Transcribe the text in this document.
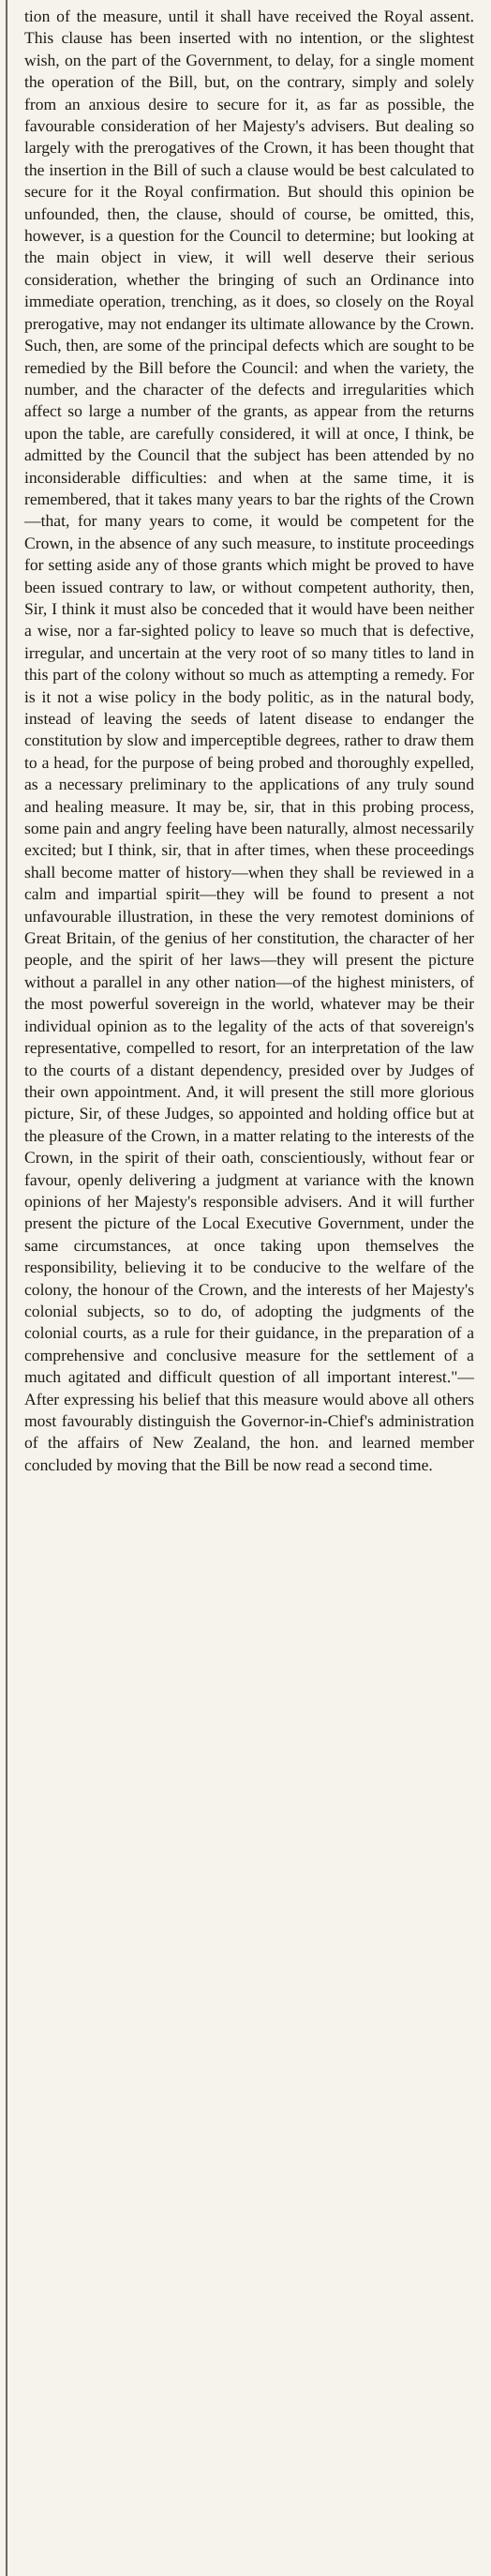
tion of the measure, until it shall have received the Royal assent. This clause has been inserted with no intention, or the slightest wish, on the part of the Government, to delay, for a single moment the operation of the Bill, but, on the contrary, simply and solely from an anxious desire to secure for it, as far as possible, the favourable consideration of her Majesty's advisers. But dealing so largely with the prerogatives of the Crown, it has been thought that the insertion in the Bill of such a clause would be best calculated to secure for it the Royal confirmation. But should this opinion be unfounded, then, the clause, should of course, be omitted, this, however, is a question for the Council to determine; but looking at the main object in view, it will well deserve their serious consideration, whether the bringing of such an Ordinance into immediate operation, trenching, as it does, so closely on the Royal prerogative, may not endanger its ultimate allowance by the Crown. Such, then, are some of the principal defects which are sought to be remedied by the Bill before the Council: and when the variety, the number, and the character of the defects and irregularities which affect so large a number of the grants, as appear from the returns upon the table, are carefully considered, it will at once, I think, be admitted by the Council that the subject has been attended by no inconsiderable difficulties: and when at the same time, it is remembered, that it takes many years to bar the rights of the Crown—that, for many years to come, it would be competent for the Crown, in the absence of any such measure, to institute proceedings for setting aside any of those grants which might be proved to have been issued contrary to law, or without competent authority, then, Sir, I think it must also be conceded that it would have been neither a wise, nor a far-sighted policy to leave so much that is defective, irregular, and uncertain at the very root of so many titles to land in this part of the colony without so much as attempting a remedy. For is it not a wise policy in the body politic, as in the natural body, instead of leaving the seeds of latent disease to endanger the constitution by slow and imperceptible degrees, rather to draw them to a head, for the purpose of being probed and thoroughly expelled, as a necessary preliminary to the applications of any truly sound and healing measure. It may be, sir, that in this probing process, some pain and angry feeling have been naturally, almost necessarily excited; but I think, sir, that in after times, when these proceedings shall become matter of history—when they shall be reviewed in a calm and impartial spirit—they will be found to present a not unfavourable illustration, in these the very remotest dominions of Great Britain, of the genius of her constitution, the character of her people, and the spirit of her laws—they will present the picture without a parallel in any other nation—of the highest ministers, of the most powerful sovereign in the world, whatever may be their individual opinion as to the legality of the acts of that sovereign's representative, compelled to resort, for an interpretation of the law to the courts of a distant dependency, presided over by Judges of their own appointment. And, it will present the still more glorious picture, Sir, of these Judges, so appointed and holding office but at the pleasure of the Crown, in a matter relating to the interests of the Crown, in the spirit of their oath, conscientiously, without fear or favour, openly delivering a judgment at variance with the known opinions of her Majesty's responsible advisers. And it will further present the picture of the Local Executive Government, under the same circumstances, at once taking upon themselves the responsibility, believing it to be conducive to the welfare of the colony, the honour of the Crown, and the interests of her Majesty's colonial subjects, so to do, of adopting the judgments of the colonial courts, as a rule for their guidance, in the preparation of a comprehensive and conclusive measure for the settlement of a much agitated and difficult question of all important interest."—After expressing his belief that this measure would above all others most favourably distinguish the Governor-in-Chief's administration of the affairs of New Zealand, the hon. and learned member concluded by moving that the Bill be now read a second time.
